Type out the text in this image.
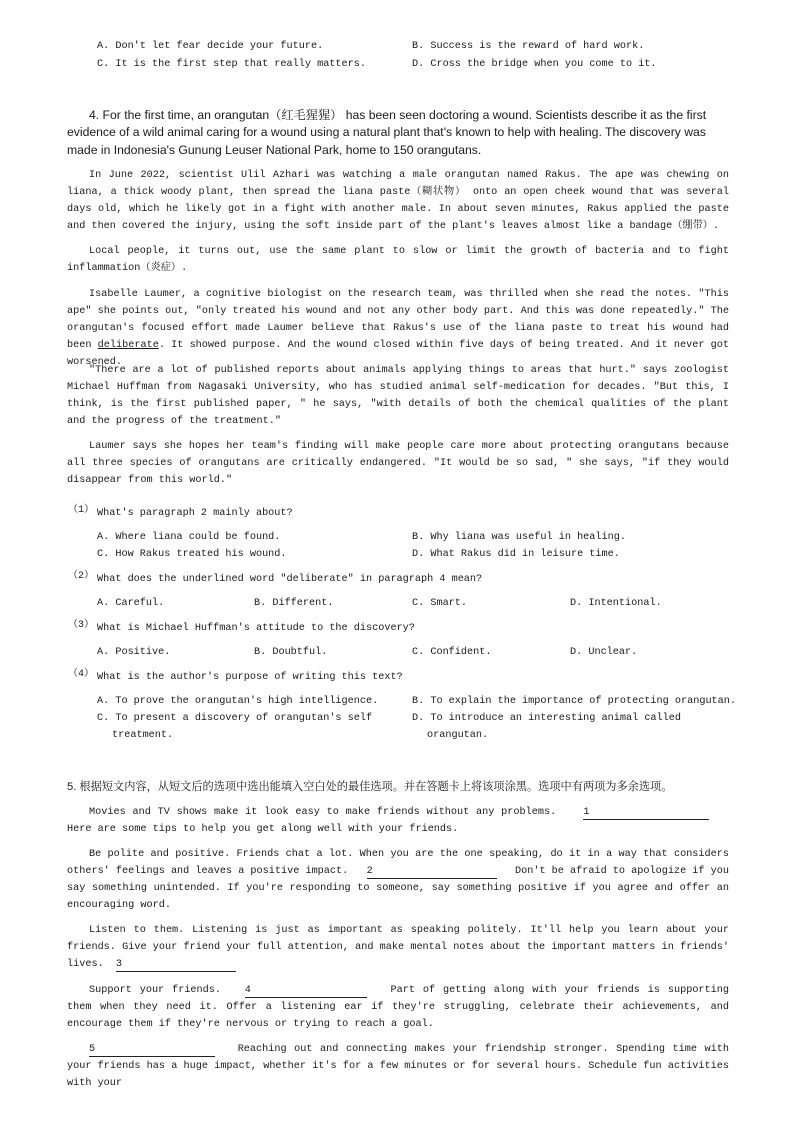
A. Don't let fear decide your future.	B. Success is the reward of hard work.
C. It is the first step that really matters.	D. Cross the bridge when you come to it.
4. For the first time, an orangutan（红毛猩猩） has been seen doctoring a wound. Scientists describe it as the first evidence of a wild animal caring for a wound using a natural plant that's known to help with healing. The discovery was made in Indonesia's Gunung Leuser National Park, home to 150 orangutans.
In June 2022, scientist Ulil Azhari was watching a male orangutan named Rakus. The ape was chewing on liana, a thick woody plant, then spread the liana paste（糊状物） onto an open cheek wound that was several days old, which he likely got in a fight with another male. In about seven minutes, Rakus applied the paste and then covered the injury, using the soft inside part of the plant's leaves almost like a bandage（绷带）.
Local people, it turns out, use the same plant to slow or limit the growth of bacteria and to fight inflammation（炎症）.
Isabelle Laumer, a cognitive biologist on the research team, was thrilled when she read the notes. "This ape" she points out, "only treated his wound and not any other body part. And this was done repeatedly." The orangutan's focused effort made Laumer believe that Rakus's use of the liana paste to treat his wound had been deliberate. It showed purpose. And the wound closed within five days of being treated. And it never got worsened.
"There are a lot of published reports about animals applying things to areas that hurt." says zoologist Michael Huffman from Nagasaki University, who has studied animal self-medication for decades. "But this, I think, is the first published paper, " he says, "with details of both the chemical qualities of the plant and the progress of the treatment."
Laumer says she hopes her team's finding will make people care more about protecting orangutans because all three species of orangutans are critically endangered. "It would be so sad, " she says, "if they would disappear from this world."
（1） What's paragraph 2 mainly about?
A. Where liana could be found.	B. Why liana was useful in healing.
C. How Rakus treated his wound.	D. What Rakus did in leisure time.
（2） What does the underlined word "deliberate" in paragraph 4 mean?
A. Careful.	B. Different.	C. Smart.	D. Intentional.
（3） What is Michael Huffman's attitude to the discovery?
A. Positive.	B. Doubtful.	C. Confident.	D. Unclear.
（4） What is the author's purpose of writing this text?
A. To prove the orangutan's high intelligence.	B. To explain the importance of protecting orangutan.
C. To present a discovery of orangutan's self
treatment.
D. To introduce an interesting animal called
orangutan.
5. 根据短文内容，从短文后的选项中选出能填入空白处的最佳选项。并在答题卡上将该项涂黑。选项中有两项为多余选项。
Movies and TV shows make it look easy to make friends without any problems.	1    Here are some tips to help you get along well with your friends.
Be polite and positive. Friends chat a lot. When you are the one speaking, do it in a way that considers others' feelings and leaves a positive impact. 2	Don't be afraid to apologize if you say something unintended. If you're responding to someone, say something positive if you agree and offer an encouraging word.
Listen to them. Listening is just as important as speaking politely. It'll help you learn about your friends. Give your friend your full attention, and make mental notes about the important matters in friends' lives. 3
Support your friends. 4	Part of getting along with your friends is supporting them when they need it. Offer a listening ear if they're struggling, celebrate their achievements, and encourage them if they're nervous or trying to reach a goal.
5	Reaching out and connecting makes your friendship stronger. Spending time with your friends has a huge impact, whether it's for a few minutes or for several hours. Schedule fun activities with your
